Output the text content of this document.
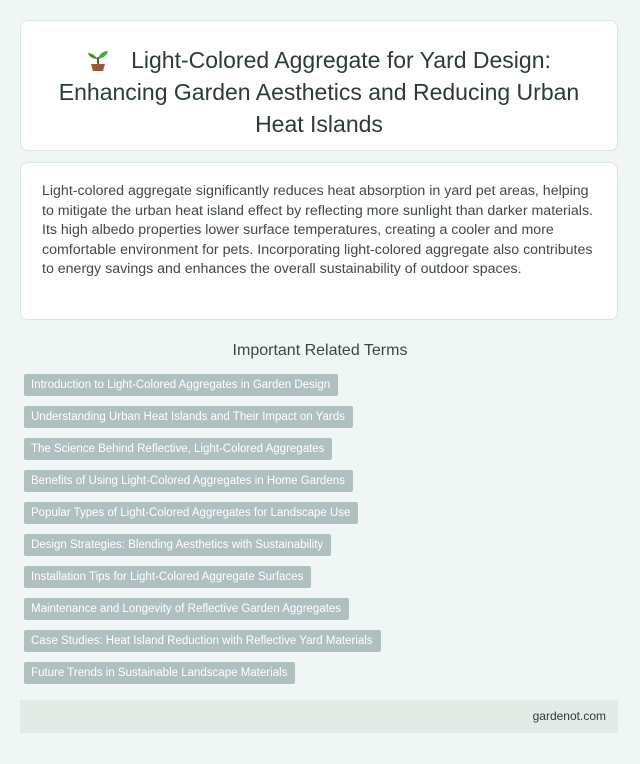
Light-Colored Aggregate for Yard Design: Enhancing Garden Aesthetics and Reducing Urban Heat Islands

Light-colored aggregate significantly reduces heat absorption in yard pet areas, helping to mitigate the urban heat island effect by reflecting more sunlight than darker materials. Its high albedo properties lower surface temperatures, creating a cooler and more comfortable environment for pets. Incorporating light-colored aggregate also contributes to energy savings and enhances the overall sustainability of outdoor spaces.

Important Related Terms
Introduction to Light-Colored Aggregates in Garden Design
Understanding Urban Heat Islands and Their Impact on Yards
The Science Behind Reflective, Light-Colored Aggregates
Benefits of Using Light-Colored Aggregates in Home Gardens
Popular Types of Light-Colored Aggregates for Landscape Use
Design Strategies: Blending Aesthetics with Sustainability
Installation Tips for Light-Colored Aggregate Surfaces
Maintenance and Longevity of Reflective Garden Aggregates
Case Studies: Heat Island Reduction with Reflective Yard Materials
Future Trends in Sustainable Landscape Materials
gardenot.com
